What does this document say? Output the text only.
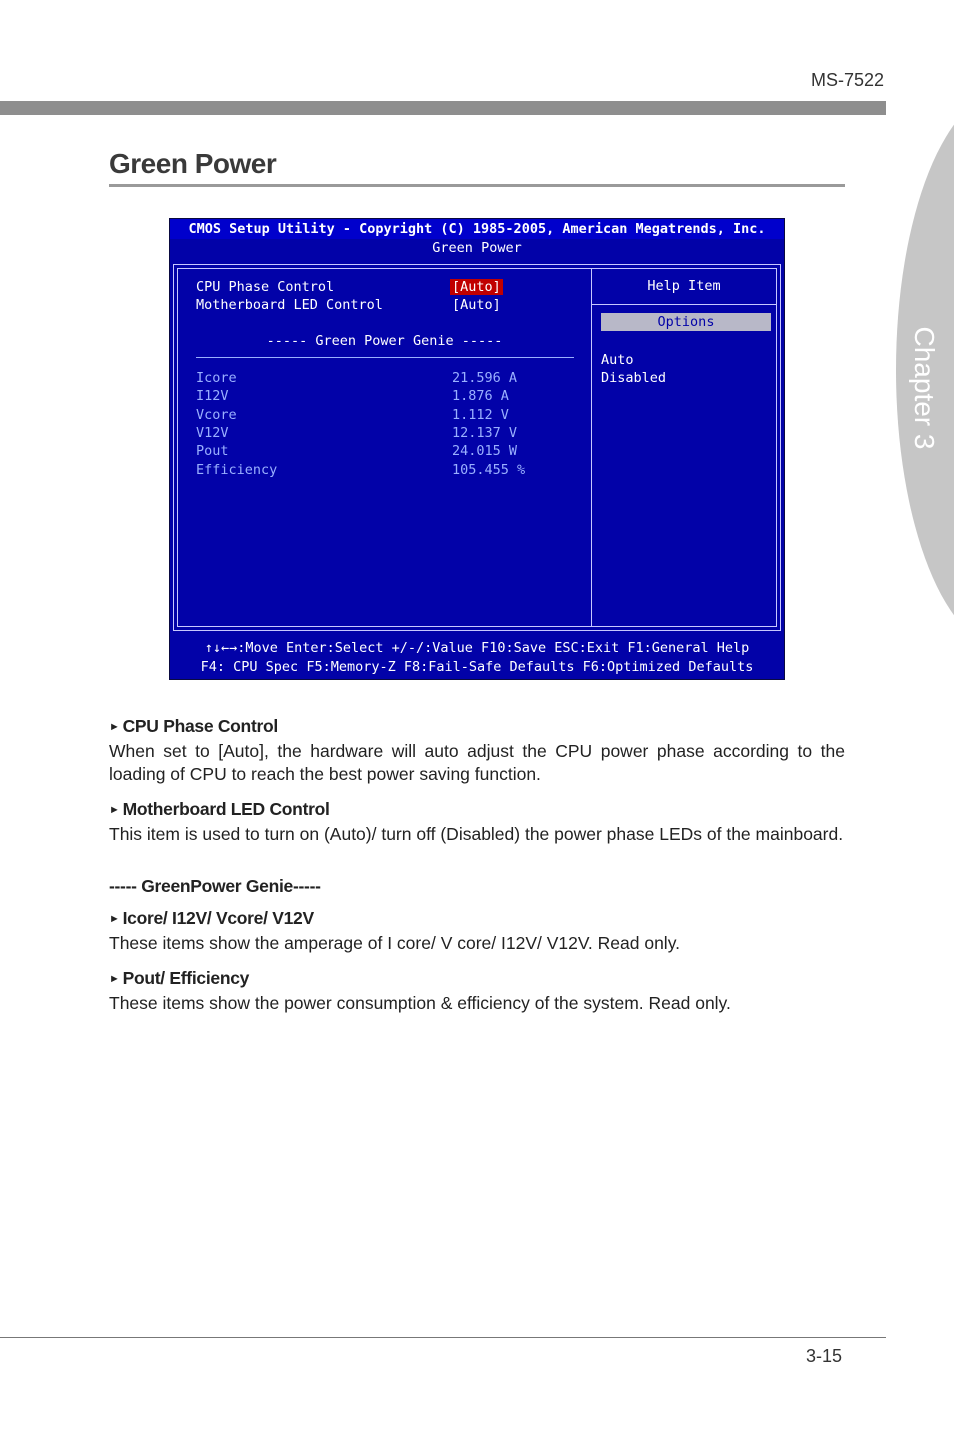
MS-7522
Chapter 3
Green Power
CMOS Setup Utility - Copyright (C) 1985-2005, American Megatrends, Inc.
Green Power
CPU Phase Control	[Auto]
Motherboard LED Control	[Auto]
----- Green Power Genie -----
Icore	21.596 A
I12V	1.876 A
Vcore	1.112 V
V12V	12.137 V
Pout	24.015 W
Efficiency	105.455 %
Help Item
Options
Auto
Disabled
↑↓←→:Move Enter:Select +/-/:Value F10:Save ESC:Exit F1:General Help
F4: CPU Spec F5:Memory-Z F8:Fail-Safe Defaults F6:Optimized Defaults
► CPU Phase Control
When set to [Auto], the hardware will auto adjust the CPU power phase according to the loading of CPU to reach the best power saving function.
► Motherboard LED Control
This item is used to turn on (Auto)/ turn off (Disabled) the power phase LEDs of the mainboard.
----- GreenPower Genie-----
► Icore/ I12V/ Vcore/ V12V
These items show the amperage of I core/ V core/ I12V/ V12V. Read only.
► Pout/ Efficiency
These items show the power consumption & efficiency of the system. Read only.
3-15
